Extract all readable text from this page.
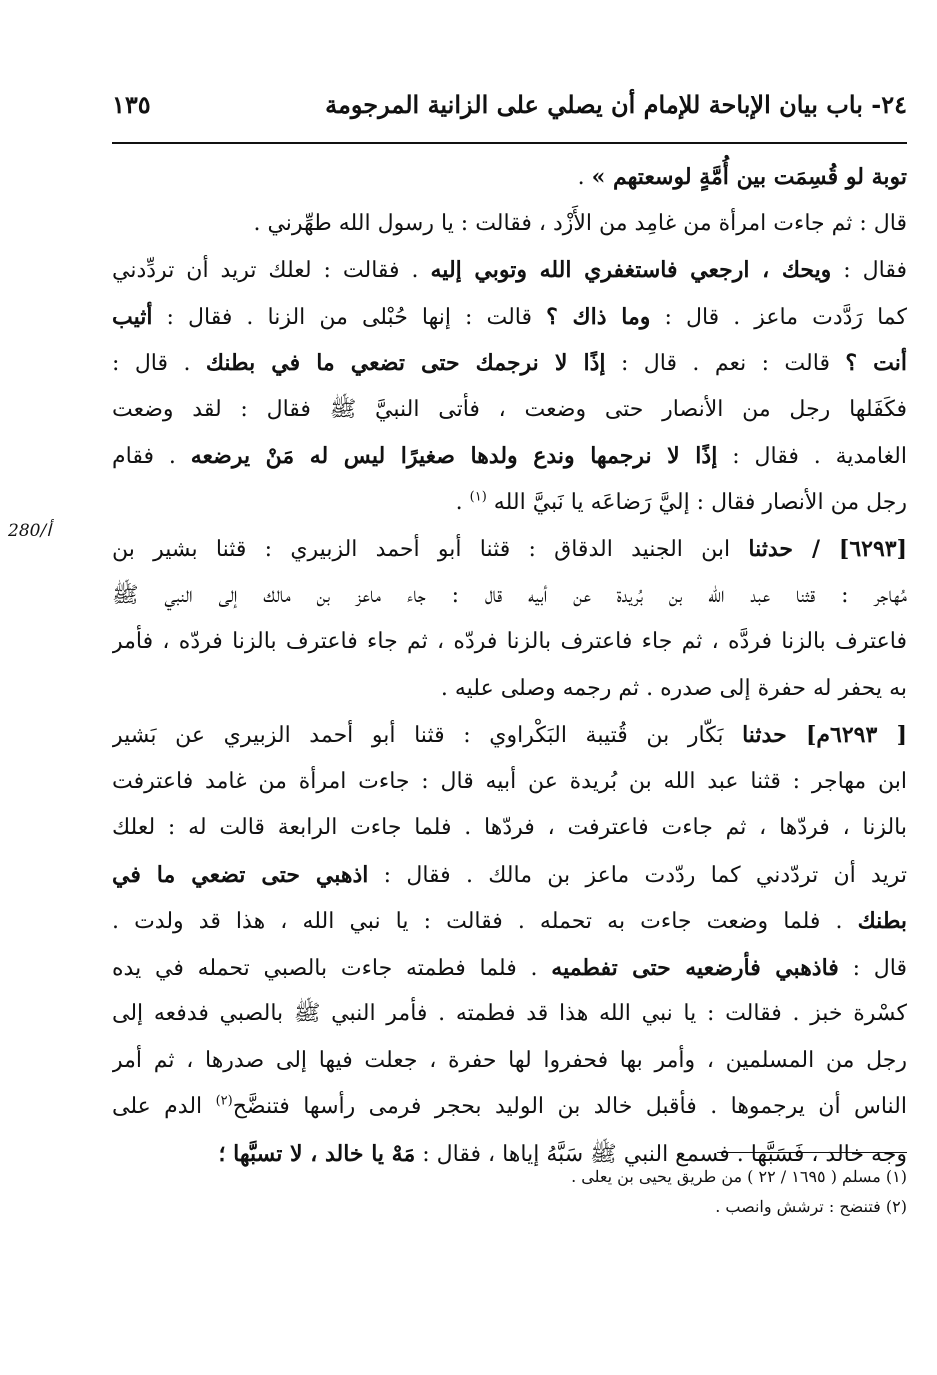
٢٤- باب بيان الإباحة للإمام أن يصلي على الزانية المرجومة
١٣٥
280/أ
توبة لو قُسِمَت بين أُمَّةٍ لوسعتهم » .
قال : ثم جاءت امرأة من غامِد من الأَزْد ، فقالت : يا رسول الله طهِّرني .
فقال : ويحك ، ارجعي فاستغفري الله وتوبي إليه . فقالت : لعلك تريد أن تردِّدني
كما رَدَّدت ماعز . قال : وما ذاك ؟ قالت : إنها حُبْلى من الزنا . فقال : أثيب
أنت ؟ قالت : نعم . قال : إذًا لا نرجمك حتى تضعي ما في بطنك . قال :
فكَفَلها رجل من الأنصار حتى وضعت ، فأتى النبيَّ ﷺ فقال : لقد وضعت
الغامدية . فقال : إذًا لا نرجمها وندع ولدها صغيرًا ليس له مَنْ يرضعه . فقام
رجل من الأنصار فقال : إليَّ رَضاعَه يا نَبيَّ الله $^{(١)}$ .
[٦٢٩٣] / حدثنا ابن الجنيد الدقاق : قثنا أبو أحمد الزبيري : قثنا بشير بن
مُهاجر : قثنا عبد الله بن بُريدة عن أبيه قال : جاء ماعز بن مالك إلى النبي ﷺ
فاعترف بالزنا فردَّه ، ثم جاء فاعترف بالزنا فردّه ، ثم جاء فاعترف بالزنا فردّه ، فأمر
به يحفر له حفرة إلى صدره . ثم رجمه وصلى عليه .
[ ٦٢٩٣م] حدثنا بَكّار بن قُتيبة البَكْراوي : قثنا أبو أحمد الزبيري عن بَشير
ابن مهاجر : قثنا عبد الله بن بُريدة عن أبيه قال : جاءت امرأة من غامد فاعترفت
بالزنا ، فردّها ، ثم جاءت فاعترفت ، فردّها . فلما جاءت الرابعة قالت له : لعلك
تريد أن تردّدني كما ردّدت ماعز بن مالك . فقال : اذهبي حتى تضعي ما في
بطنك . فلما وضعت جاءت به تحمله . فقالت : يا نبي الله ، هذا قد ولدت .
قال : فاذهبي فأرضعيه حتى تفطميه . فلما فطمته جاءت بالصبي تحمله في يده
كسْرة خبز . فقالت : يا نبي الله هذا قد فطمته . فأمر النبي ﷺ بالصبي فدفعه إلى
رجل من المسلمين ، وأمر بها فحفروا لها حفرة ، جعلت فيها إلى صدرها ، ثم أمر
الناس أن يرجموها . فأقبل خالد بن الوليد بحجر فرمى رأسها فتنضَّح$^{(٢)}$ الدم على
وجه خالد ، فَسَبَّها . فسمع النبي ﷺ سَبَّهُ إياها ، فقال : مَهْ يا خالد ، لا تسبَّها ؛
(١) مسلم ( ١٦٩٥ / ٢٢ ) من طريق يحيى بن يعلى .
(٢) فتنضح : ترشش وانصب .
